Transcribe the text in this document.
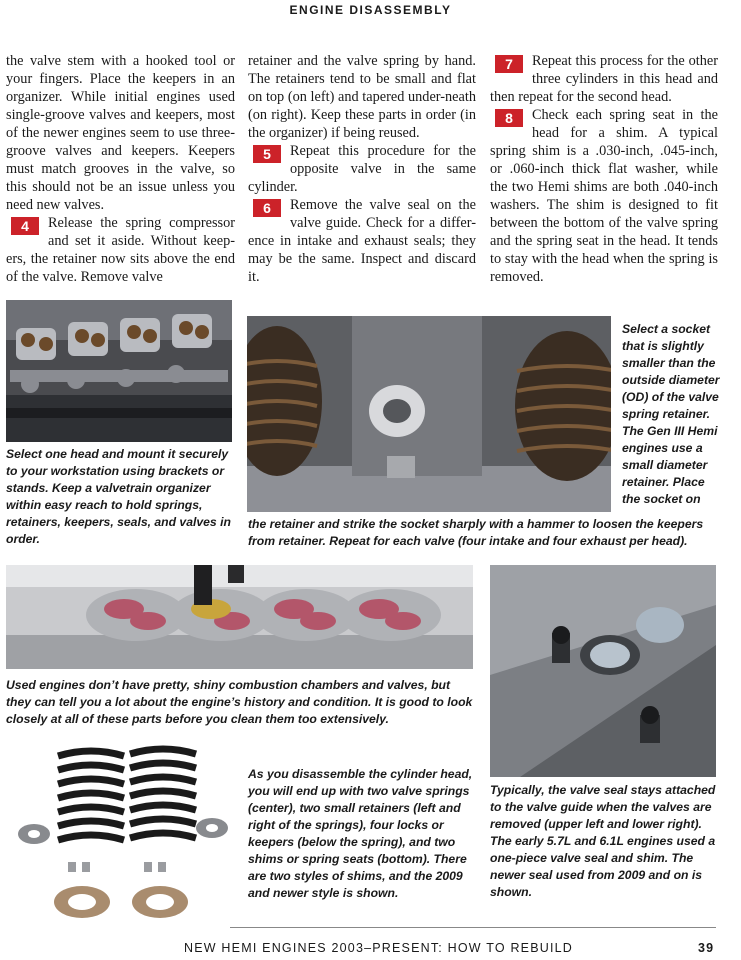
ENGINE DISASSEMBLY

the valve stem with a hooked tool or your fingers. Place the keepers in an organizer. While initial engines used single-groove valves and keepers, most of the newer engines seem to use three-groove valves and keepers. Keepers must match grooves in the valve, so this should not be an issue unless you need new valves.

4	Release the spring compressor and set it aside. Without keep-ers, the retainer now sits above the end of the valve. Remove valve

retainer and the valve spring by hand. The retainers tend to be small and flat on top (on left) and tapered under-neath (on right). Keep these parts in order (in the organizer) if being reused.

5	Repeat this procedure for the opposite valve in the same cylinder.
6	Remove the valve seal on the valve guide. Check for a differ-ence in intake and exhaust seals; they may be the same. Inspect and discard it.
7	Repeat this process for the other three cylinders in this head and then repeat for the second head.
8	Check each spring seat in the head for a shim. A typical spring shim is a .030-inch, .045-inch, or .060-inch thick flat washer, while the two Hemi shims are both .040-inch washers. The shim is designed to fit between the bottom of the valve spring and the spring seat in the head. It tends to stay with the head when the spring is removed.
Select one head and mount it securely to your workstation using brackets or stands. Keep a valvetrain organizer within easy reach to hold springs, retainers, keepers, seals, and valves in order.
Select a socket that is slightly smaller than the outside diameter (OD) of the valve spring retainer. The Gen III Hemi engines use a small diameter retainer. Place the socket on
the retainer and strike the socket sharply with a hammer to loosen the keepers from retainer. Repeat for each valve (four intake and four exhaust per head).
Used engines don’t have pretty, shiny combustion chambers and valves, but they can tell you a lot about the engine’s history and condition. It is good to look closely at all of these parts before you clean them too extensively.
As you disassemble the cylinder head, you will end up with two valve springs (center), two small retainers (left and right of the springs), four locks or keepers (below the spring), and two shims or spring seats (bottom). There are two styles of shims, and the 2009 and newer style is shown.
Typically, the valve seal stays attached to the valve guide when the valves are removed (upper left and lower right). The early 5.7L and 6.1L engines used a one-piece valve seal and shim. The newer seal used from 2009 and on is shown.
NEW HEMI ENGINES 2003–PRESENT: HOW TO REBUILD	39
